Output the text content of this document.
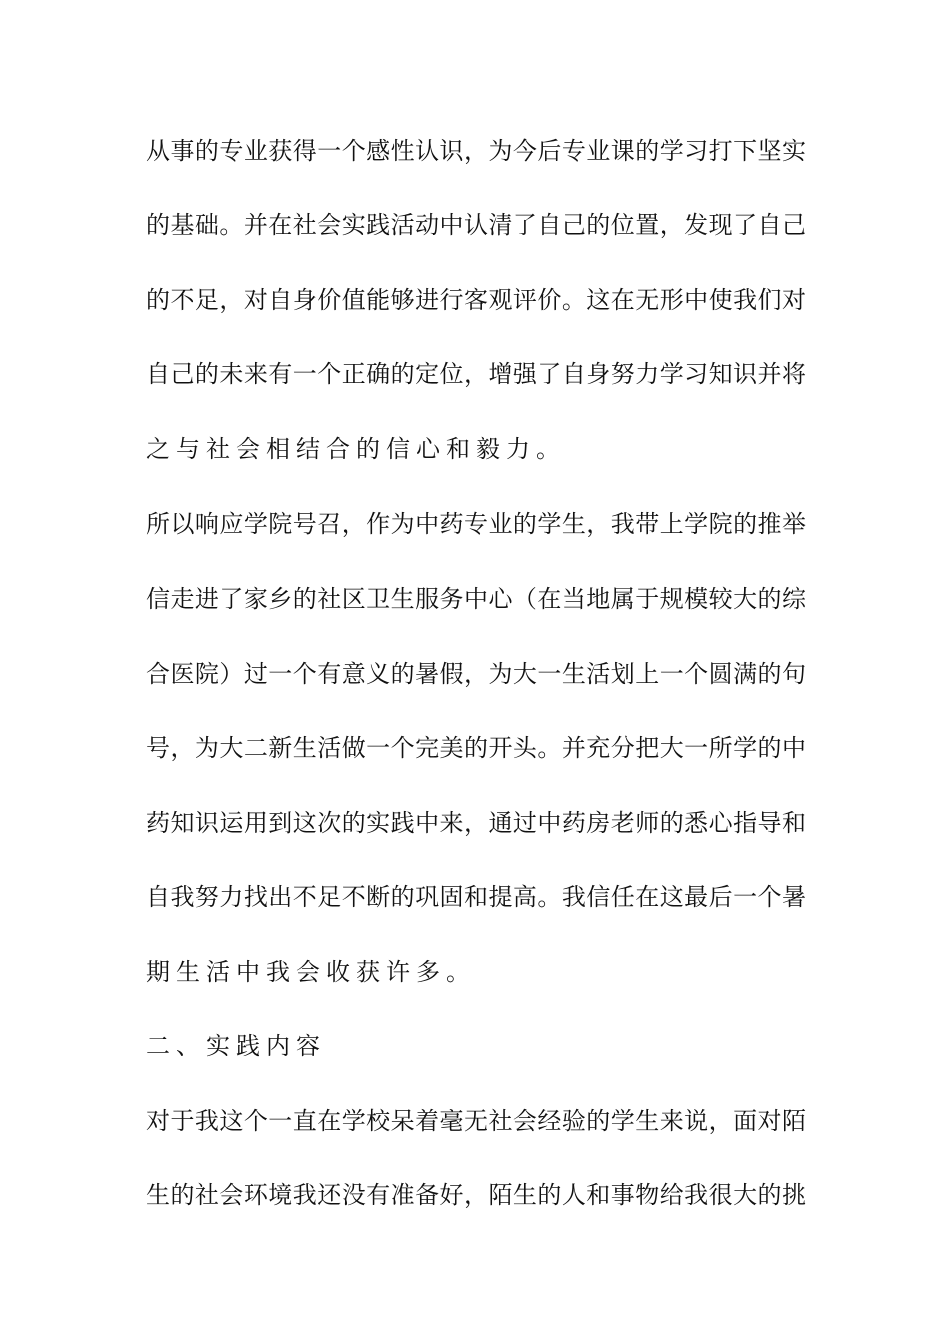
从事的专业获得一个感性认识，为今后专业课的学习打下坚实
的基础。并在社会实践活动中认清了自己的位置，发现了自己
的不足，对自身价值能够进行客观评价。这在无形中使我们对
自己的未来有一个正确的定位，增强了自身努力学习知识并将
之与社会相结合的信心和毅力。
所以响应学院号召，作为中药专业的学生，我带上学院的推举
信走进了家乡的社区卫生服务中心（在当地属于规模较大的综
合医院）过一个有意义的暑假，为大一生活划上一个圆满的句
号，为大二新生活做一个完美的开头。并充分把大一所学的中
药知识运用到这次的实践中来，通过中药房老师的悉心指导和
自我努力找出不足不断的巩固和提高。我信任在这最后一个暑
期生活中我会收获许多。
二、实践内容
对于我这个一直在学校呆着毫无社会经验的学生来说，面对陌
生的社会环境我还没有准备好，陌生的人和事物给我很大的挑
